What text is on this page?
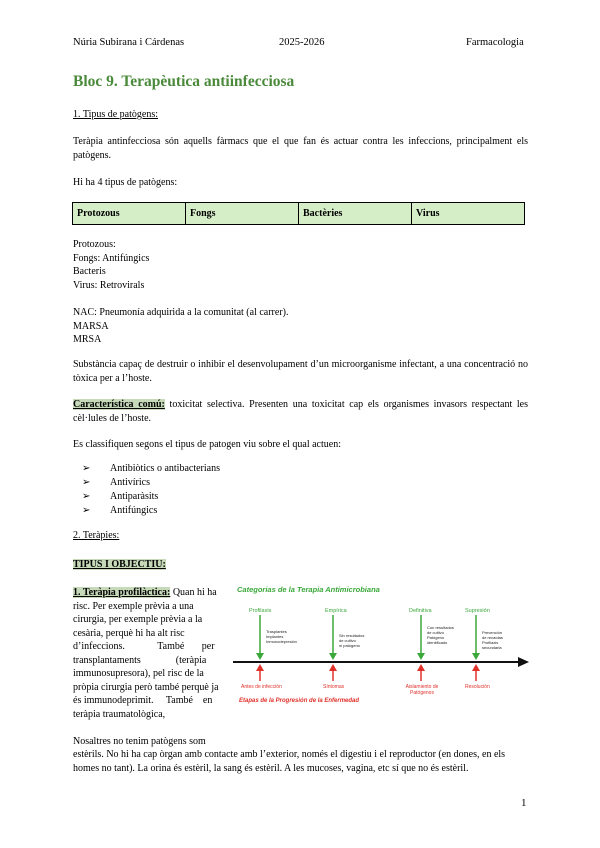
Núria Subirana i Cárdenas	2025-2026	Farmacologia
Bloc 9. Terapèutica antiinfecciosa
1. Tipus de patògens:
Teràpia antinfecciosa són aquells fàrmacs que el que fan és actuar contra les infeccions, principalment els patògens.
Hi ha 4 tipus de patògens:
Protozous	Fongs	Bactèries	Virus
Protozous:
Fongs: Antifúngics
Bacteris
Virus: Retrovirals
NAC: Pneumonía adquirida a la comunitat (al carrer).
MARSA
MRSA
Substància capaç de destruir o inhibir el desenvolupament d’un microorganisme infectant, a una concentració no tòxica per a l’hoste.
Característica comú: toxicitat selectiva. Presenten una toxicitat cap els organismes invasors respectant les cèl·lules de l’hoste.
Es classifiquen segons el tipus de patogen viu sobre el qual actuen:
➢ Antibiòtics o antibacterians
➢ Antivírics
➢ Antiparàsits
➢ Antifúngics
2. Teràpies:
TIPUS I OBJECTIU:
1. Teràpia profilàctica: Quan hi ha
risc. Per exemple prèvia a una
cirurgia, per exemple prèvia a la
cesària, perquè hi ha alt risc
d’infeccions.             També       per
transplantaments              (teràpia
immunosupresora), pel risc de la
pròpia cirurgia però també perquè ja
és immunodeprimit.     També    en
teràpia traumatològica,
Nosaltres no tenim patògens som
estèrils. No hi ha cap òrgan amb contacte amb l’exterior, només el digestiu i el reproductor (en dones, en els
homes no tant). La orina és estèril, la sang és estèril. A les mucoses, vagina, etc sí que no és estèril.
Categorias de la Terapia Antimicrobiana
Profilaxis	Empírica	Definitiva	Supresión
Trasplantes
Implantes
Inmunodepresión
Sin resultados
de cultivo
ni patógeno
Con resultados
de cultivo
Patógeno
identificado
Prevención
de recaídas
Profilaxis
secundaria
Antes de infección	Síntomas	Aislamiento de Patógenos
Resolución
Etapas de la Progresión de la Enfermedad
1
